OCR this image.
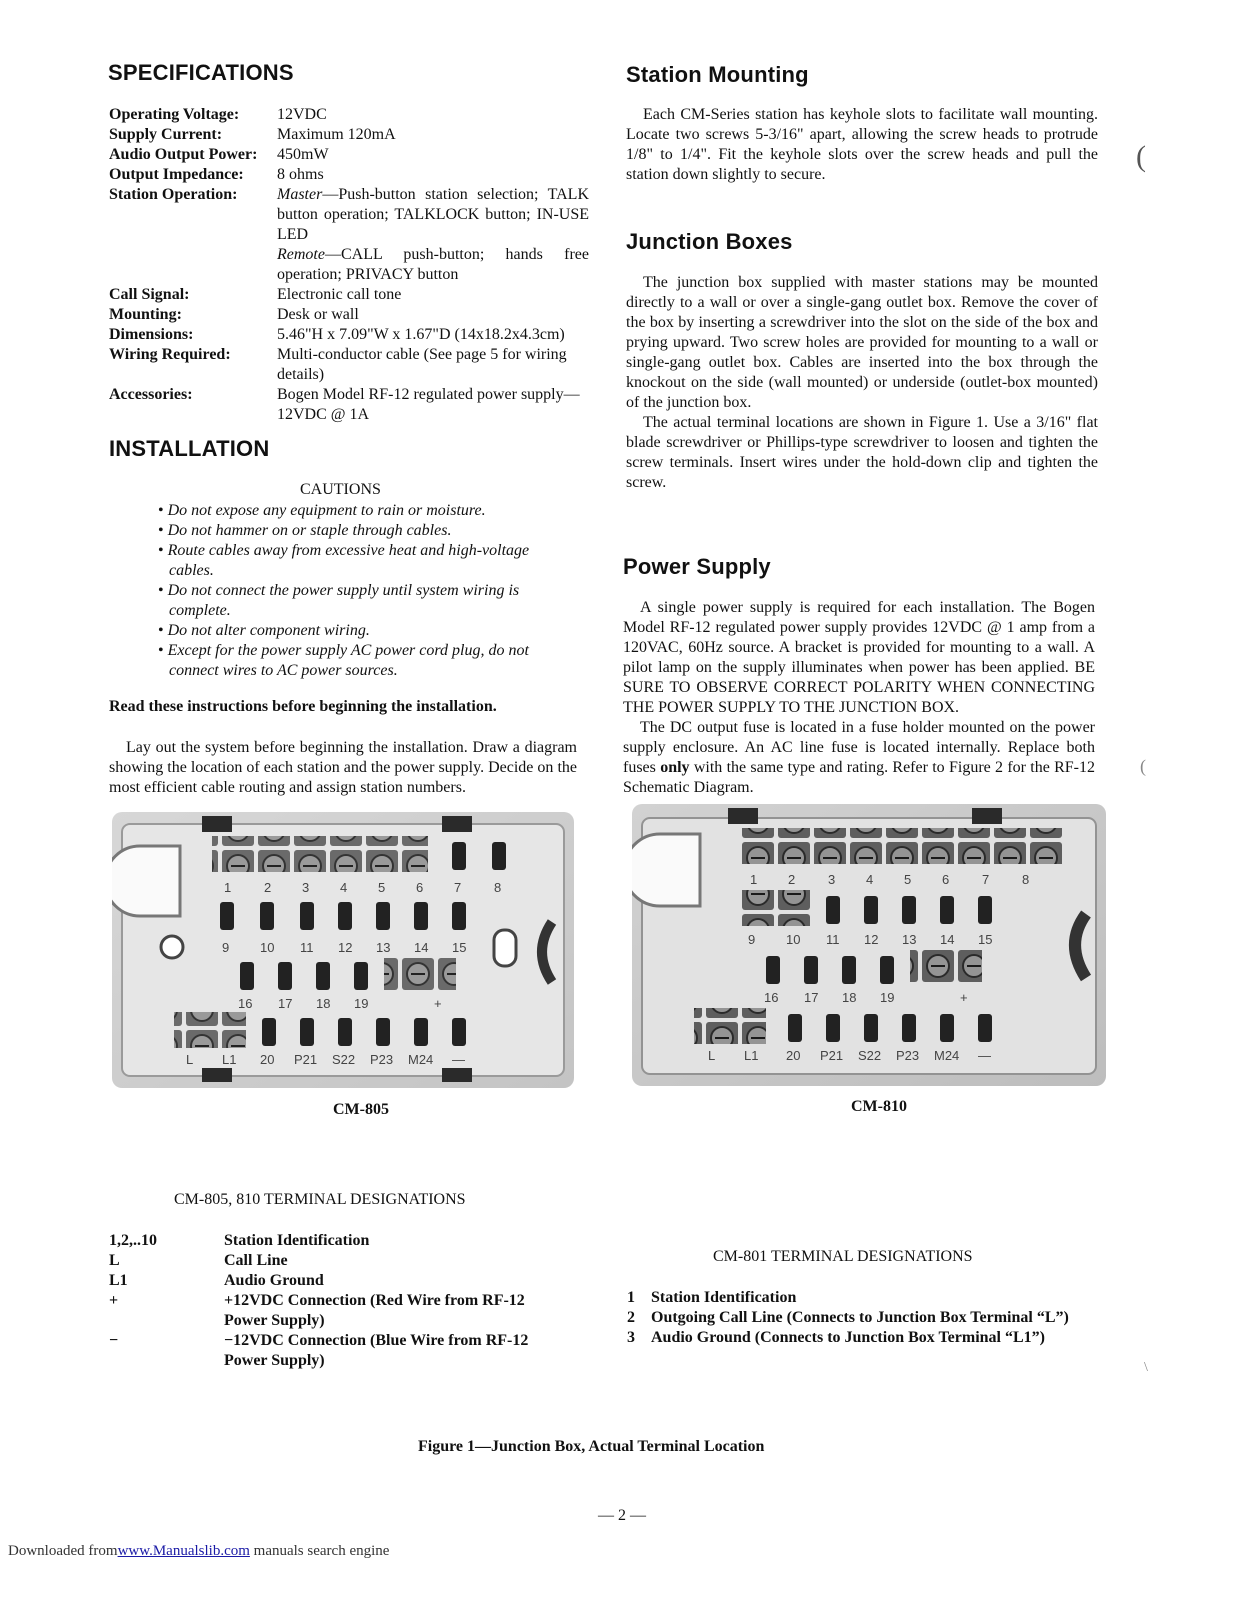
SPECIFICATIONS
Operating Voltage:	12VDC
Supply Current:	Maximum 120mA
Audio Output Power:	450mW
Output Impedance:	8 ohms
Station Operation:	Master—Push-button station selection; TALK button operation; TALKLOCK button; IN-USE LED
Remote—CALL push-button; hands free operation; PRIVACY button
Call Signal:	Electronic call tone
Mounting:	Desk or wall
Dimensions:	5.46"H x 7.09"W x 1.67"D (14x18.2x4.3cm)
Wiring Required:	Multi-conductor cable (See page 5 for wiring details)
Accessories:	Bogen Model RF-12 regulated power supply—12VDC @ 1A
INSTALLATION
CAUTIONS
• Do not expose any equipment to rain or moisture.
• Do not hammer on or staple through cables.
• Route cables away from excessive heat and high-voltage cables.
• Do not connect the power supply until system wiring is complete.
• Do not alter component wiring.
• Except for the power supply AC power cord plug, do not connect wires to AC power sources.
Read these instructions before beginning the installation.

Lay out the system before beginning the installation. Draw a diagram showing the location of each station and the power supply. Decide on the most efficient cable routing and assign station numbers.

Station Mounting

Each CM-Series station has keyhole slots to facilitate wall mounting. Locate two screws 5-3/16" apart, allowing the screw heads to protrude 1/8" to 1/4". Fit the keyhole slots over the screw heads and pull the station down slightly to secure.

Junction Boxes

The junction box supplied with master stations may be mounted directly to a wall or over a single-gang outlet box. Remove the cover of the box by inserting a screwdriver into the slot on the side of the box and prying upward. Two screw holes are provided for mounting to a wall or single-gang outlet box. Cables are inserted into the box through the knockout on the side (wall mounted) or underside (outlet-box mounted) of the junction box.

The actual terminal locations are shown in Figure 1. Use a 3/16" flat blade screwdriver or Phillips-type screwdriver to loosen and tighten the screw terminals. Insert wires under the hold-down clip and tighten the screw.

Power Supply

A single power supply is required for each installation. The Bogen Model RF-12 regulated power supply provides 12VDC @ 1 amp from a 120VAC, 60Hz source. A bracket is provided for mounting to a wall. A pilot lamp on the supply illuminates when power has been applied. BE SURE TO OBSERVE CORRECT POLARITY WHEN CONNECTING THE POWER SUPPLY TO THE JUNCTION BOX.

The DC output fuse is located in a fuse holder mounted on the power supply enclosure. An AC line fuse is located internally. Replace both fuses only with the same type and rating. Refer to Figure 2 for the RF-12 Schematic Diagram.

1	2 3 4 5 6 7	8
9 10 11 12 13 14 15
16 17 18 19	+
L L1 20 P21 S22 P23 M24 —
CM-805
1 2	3 4 5 6	7	8
9 10 11 12 13 14 15
16 17 18 19	+
L L1 20 P21 S22 P23 M24 —
CM-810
CM-805, 810 TERMINAL DESIGNATIONS
1,2,..10	Station Identification
L	Call Line
L1	Audio Ground
+	+12VDC Connection (Red Wire from RF-12 Power Supply)
−	−12VDC Connection (Blue Wire from RF-12 Power Supply)
CM-801 TERMINAL DESIGNATIONS
1	Station Identification
2	Outgoing Call Line (Connects to Junction Box Terminal “L”)
3	Audio Ground (Connects to Junction Box Terminal “L1”)
Figure 1—Junction Box, Actual Terminal Location
— 2 —
(
(
\
Downloaded fromwww.Manualslib.com manuals search engine
